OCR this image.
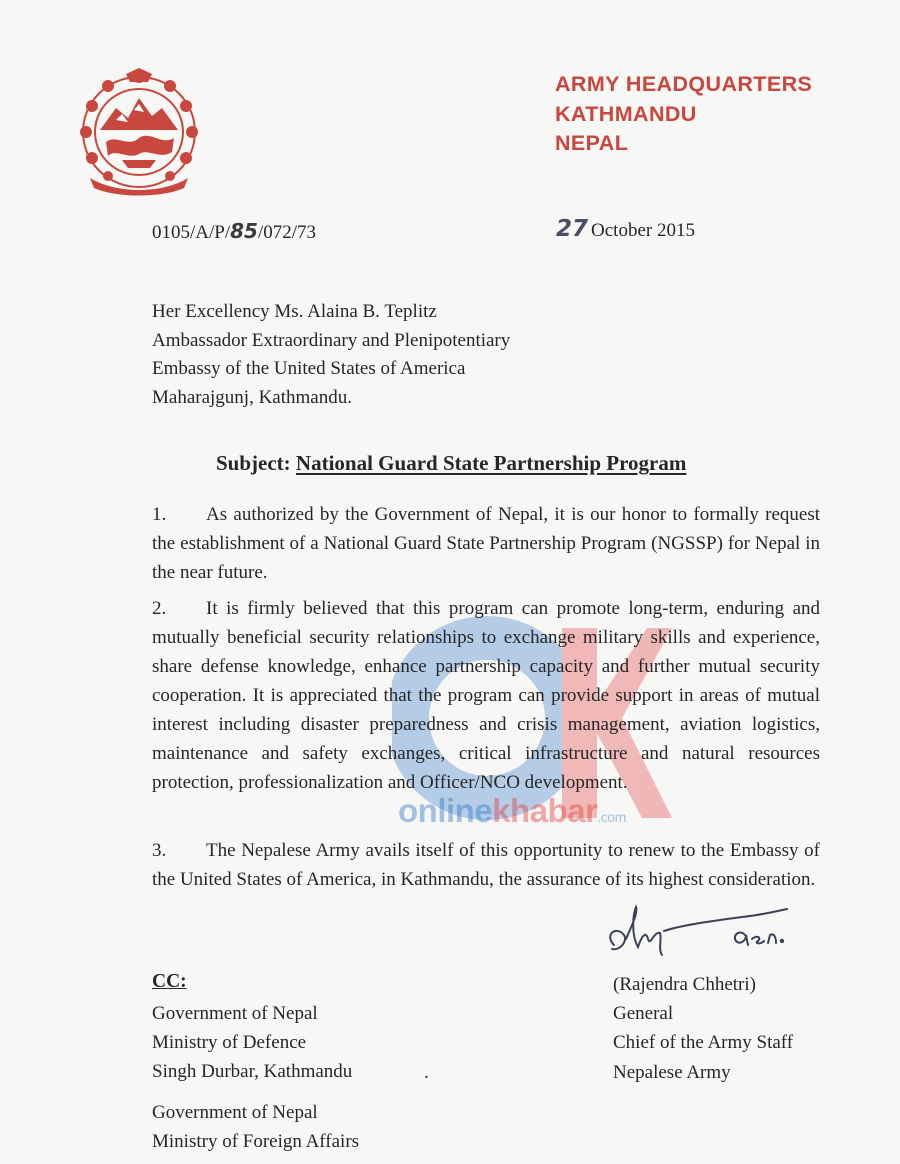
ARMY HEADQUARTERS
KATHMANDU
NEPAL
0105/A/P/85/072/73	27 October 2015
Her Excellency Ms. Alaina B. Teplitz
Ambassador Extraordinary and Plenipotentiary
Embassy of the United States of America
Maharajgunj, Kathmandu.
Subject: National Guard State Partnership Program
1. As authorized by the Government of Nepal, it is our honor to formally request the establishment of a National Guard State Partnership Program (NGSSP) for Nepal in the near future.
2. It is firmly believed that this program can promote long-term, enduring and mutually beneficial security relationships to exchange military skills and experience, share defense knowledge, enhance partnership capacity and further mutual security cooperation. It is appreciated that the program can provide support in areas of mutual interest including disaster preparedness and crisis management, aviation logistics, maintenance and safety exchanges, critical infrastructure and natural resources protection, professionalization and Officer/NCO development.
onlinekhabar.com
3. The Nepalese Army avails itself of this opportunity to renew to the Embassy of the United States of America, in Kathmandu, the assurance of its highest consideration.
Gen.
CC:
Government of Nepal
Ministry of Defence
Singh Durbar, Kathmandu	.
Government of Nepal
Ministry of Foreign Affairs
(Rajendra Chhetri)
General
Chief of the Army Staff
Nepalese Army
